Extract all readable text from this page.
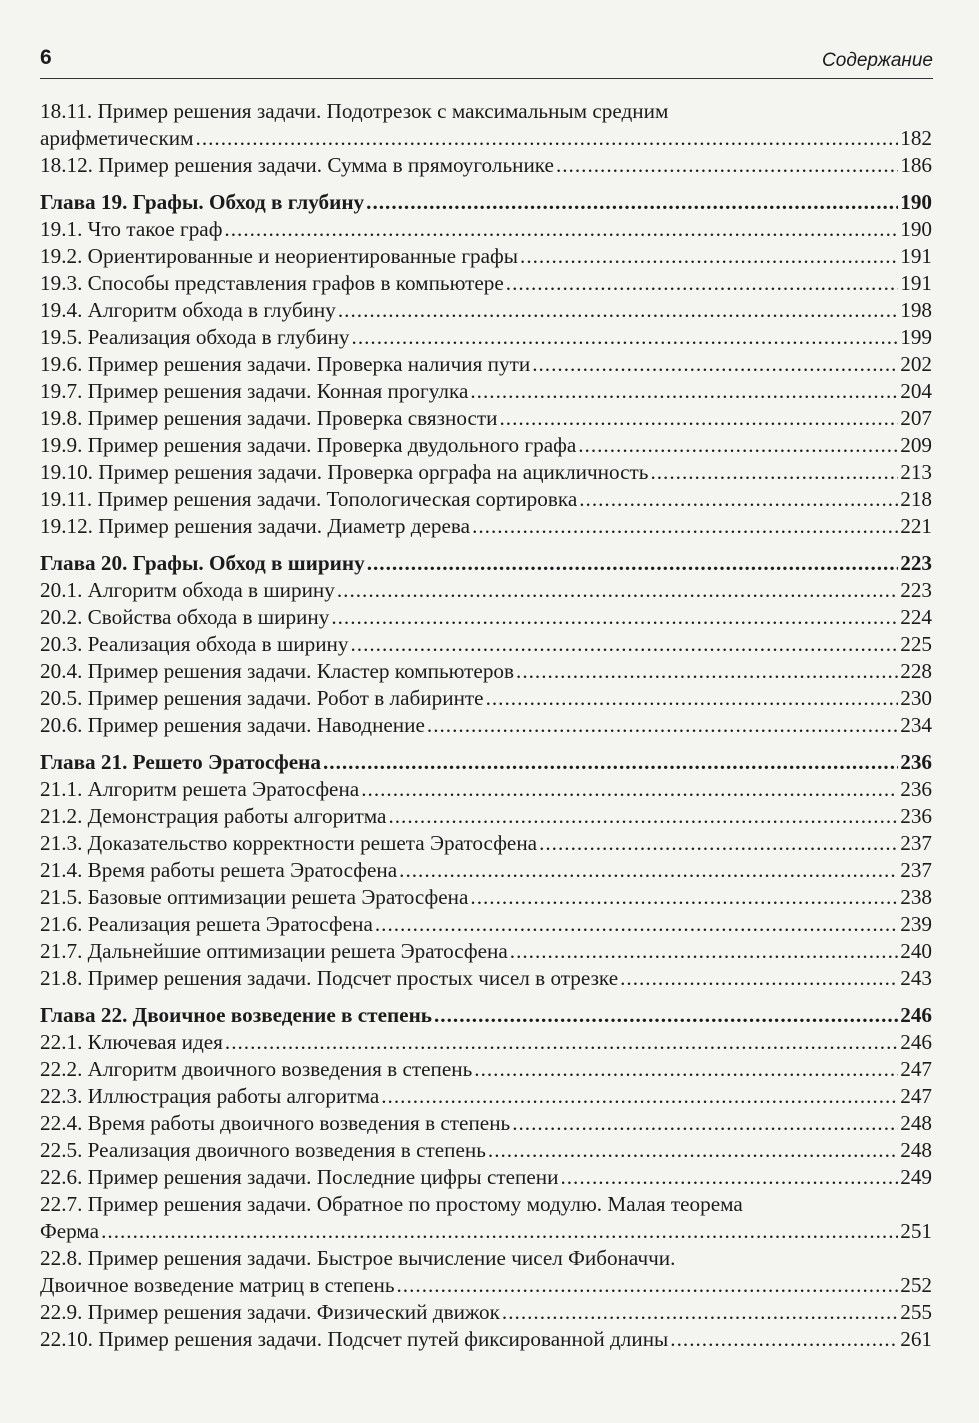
6	Содержание
18.11. Пример решения задачи. Подотрезок с максимальным средним
арифметическим .....	182
18.12. Пример решения задачи. Сумма в прямоугольнике .....	186
Глава 19. Графы. Обход в глубину .....	190
19.1. Что такое граф .....	190
19.2. Ориентированные и неориентированные графы .....	191
19.3. Способы представления графов в компьютере .....	191
19.4. Алгоритм обхода в глубину .....	198
19.5. Реализация обхода в глубину .....	199
19.6. Пример решения задачи. Проверка наличия пути .....	202
19.7. Пример решения задачи. Конная прогулка .....	204
19.8. Пример решения задачи. Проверка связности .....	207
19.9. Пример решения задачи. Проверка двудольного графа .....	209
19.10. Пример решения задачи. Проверка орграфа на ацикличность .....	213
19.11. Пример решения задачи. Топологическая сортировка .....	218
19.12. Пример решения задачи. Диаметр дерева .....	221
Глава 20. Графы. Обход в ширину .....	223
20.1. Алгоритм обхода в ширину .....	223
20.2. Свойства обхода в ширину .....	224
20.3. Реализация обхода в ширину .....	225
20.4. Пример решения задачи. Кластер компьютеров .....	228
20.5. Пример решения задачи. Робот в лабиринте .....	230
20.6. Пример решения задачи. Наводнение .....	234
Глава 21. Решето Эратосфена .....	236
21.1. Алгоритм решета Эратосфена .....	236
21.2. Демонстрация работы алгоритма .....	236
21.3. Доказательство корректности решета Эратосфена .....	237
21.4. Время работы решета Эратосфена .....	237
21.5. Базовые оптимизации решета Эратосфена .....	238
21.6. Реализация решета Эратосфена .....	239
21.7. Дальнейшие оптимизации решета Эратосфена .....	240
21.8. Пример решения задачи. Подсчет простых чисел в отрезке .....	243
Глава 22. Двоичное возведение в степень .....	246
22.1. Ключевая идея .....	246
22.2. Алгоритм двоичного возведения в степень .....	247
22.3. Иллюстрация работы алгоритма .....	247
22.4. Время работы двоичного возведения в степень .....	248
22.5. Реализация двоичного возведения в степень .....	248
22.6. Пример решения задачи. Последние цифры степени .....	249
22.7. Пример решения задачи. Обратное по простому модулю. Малая теорема
Ферма .....	251
22.8. Пример решения задачи. Быстрое вычисление чисел Фибоначчи.
Двоичное возведение матриц в степень .....	252
22.9. Пример решения задачи. Физический движок .....	255
22.10. Пример решения задачи. Подсчет путей фиксированной длины .....	261
